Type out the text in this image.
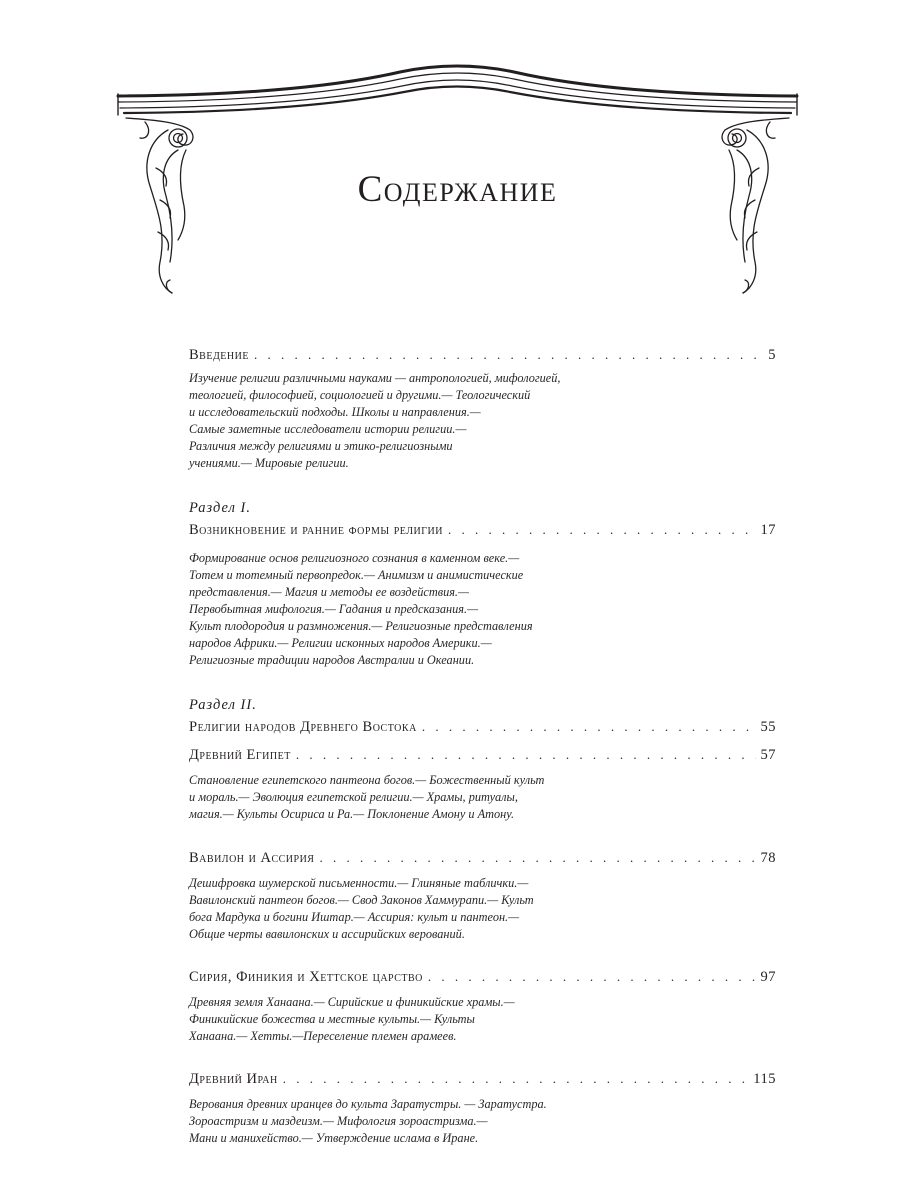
Содержание
Введение . . .	5
Изучение религии различными науками — антропологией, мифологией,
теологией, философией, социологией и другими.— Теологический
и исследовательский подходы. Школы и направления.—
Самые заметные исследователи истории религии.—
Различия между религиями и этико-религиозными
учениями.— Мировые религии.
Раздел I.
Возникновение и ранние формы религии . . .	17
Формирование основ религиозного сознания в каменном веке.—
Тотем и тотемный первопредок.— Анимизм и анимистические
представления.— Магия и методы ее воздействия.—
Первобытная мифология.— Гадания и предсказания.—
Культ плодородия и размножения.— Религиозные представления
народов Африки.— Религии исконных народов Америки.—
Религиозные традиции народов Австралии и Океании.
Раздел II.
Религии народов Древнего Востока . . .	55
Древний Египет . . .	57
Становление египетского пантеона богов.— Божественный культ
и мораль.— Эволюция египетской религии.— Храмы, ритуалы,
магия.— Культы Осириса и Ра.— Поклонение Амону и Атону.
Вавилон и Ассирия . . .	78
Дешифровка шумерской письменности.— Глиняные таблички.—
Вавилонский пантеон богов.— Свод Законов Хаммурапи.— Культ
бога Мардука и богини Иштар.— Ассирия: культ и пантеон.—
Общие черты вавилонских и ассирийских верований.
Сирия, Финикия и Хеттское царство . . .	97
Древняя земля Ханаана.— Сирийские и финикийские храмы.—
Финикийские божества и местные культы.— Культы
Ханаана.— Хетты.—Переселение племен арамеев.
Древний Иран . . .	115
Верования древних иранцев до культа Заратустры. — Заратустра.
Зороастризм и маздеизм.— Мифология зороастризма.—
Мани и манихейство.— Утверждение ислама в Иране.
